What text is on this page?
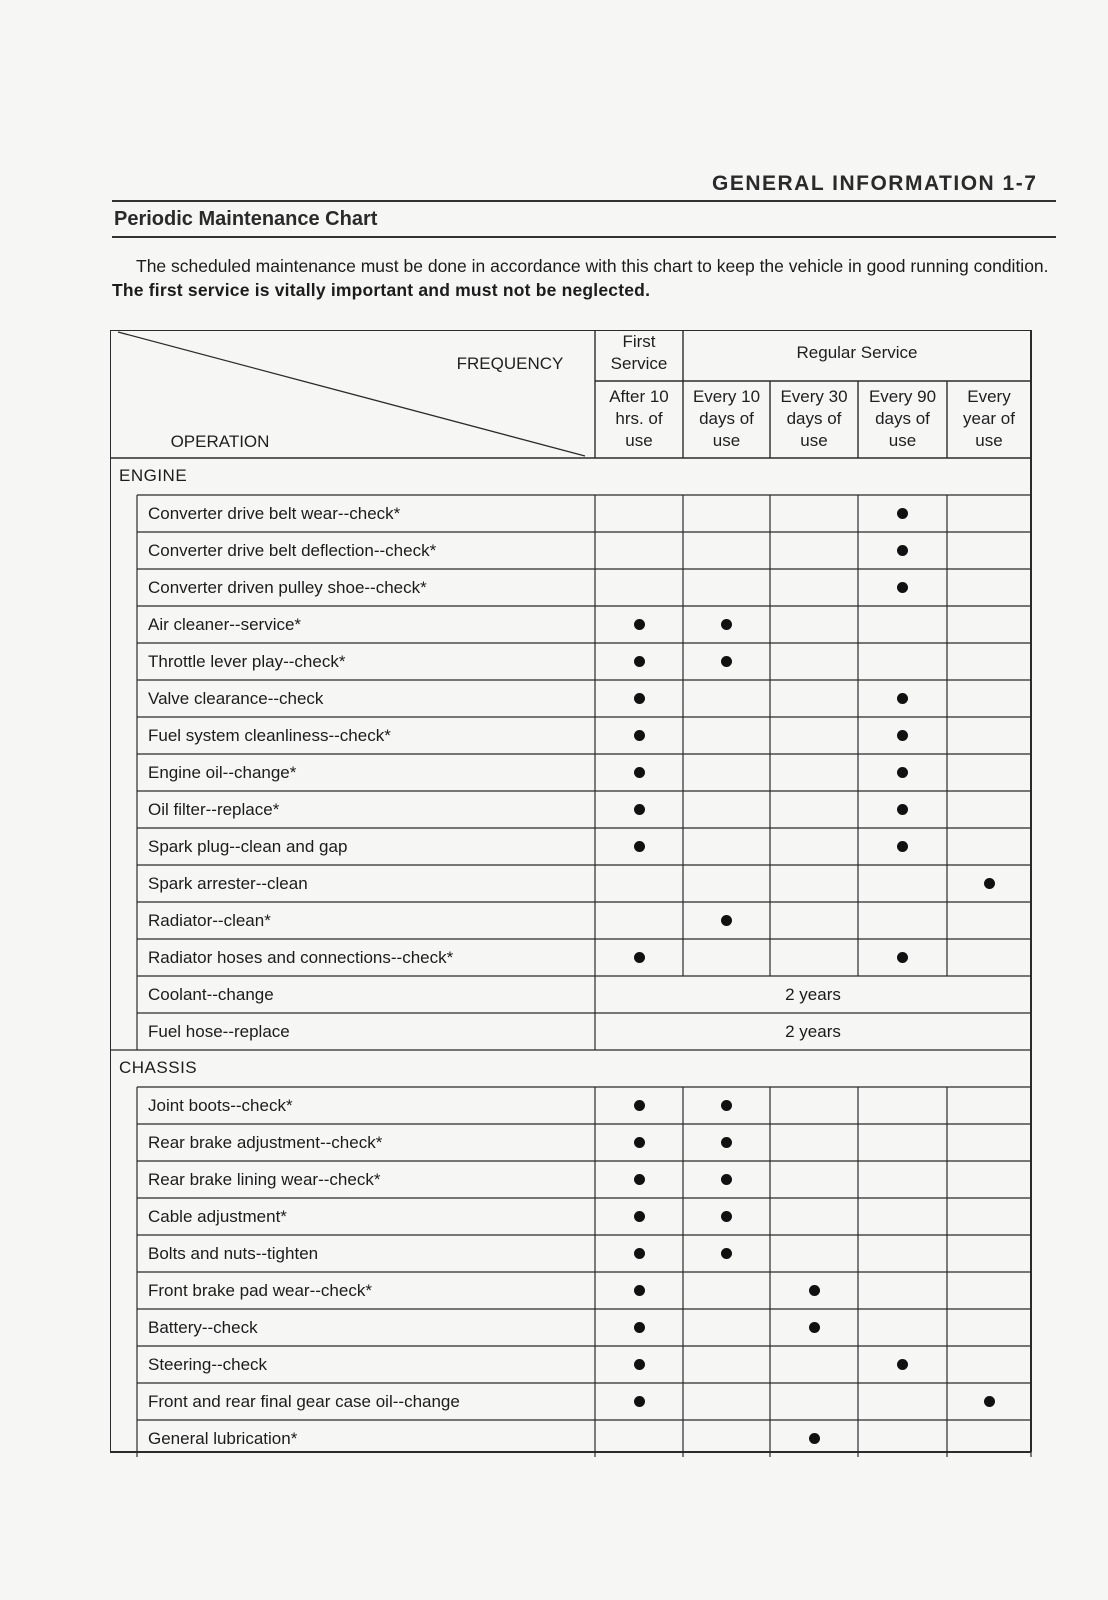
GENERAL INFORMATION 1-7
Periodic Maintenance Chart
The scheduled maintenance must be done in accordance with this chart to keep the vehicle in good running condition. The first service is vitally important and must not be neglected.
FREQUENCY
OPERATION
First
Service
Regular Service
After 10
hrs. of
use
Every 10
days of
use
Every 30
days of
use
Every 90
days of
use
Every
year of
use
ENGINE
Converter drive belt wear--check*
Converter drive belt deflection--check*
Converter driven pulley shoe--check*
Air cleaner--service*
Throttle lever play--check*
Valve clearance--check
Fuel system cleanliness--check*
Engine oil--change*
Oil filter--replace*
Spark plug--clean and gap
Spark arrester--clean
Radiator--clean*
Radiator hoses and connections--check*
Coolant--change	2 years
Fuel hose--replace	2 years
CHASSIS
Joint boots--check*
Rear brake adjustment--check*
Rear brake lining wear--check*
Cable adjustment*
Bolts and nuts--tighten
Front brake pad wear--check*
Battery--check
Steering--check
Front and rear final gear case oil--change
General lubrication*
